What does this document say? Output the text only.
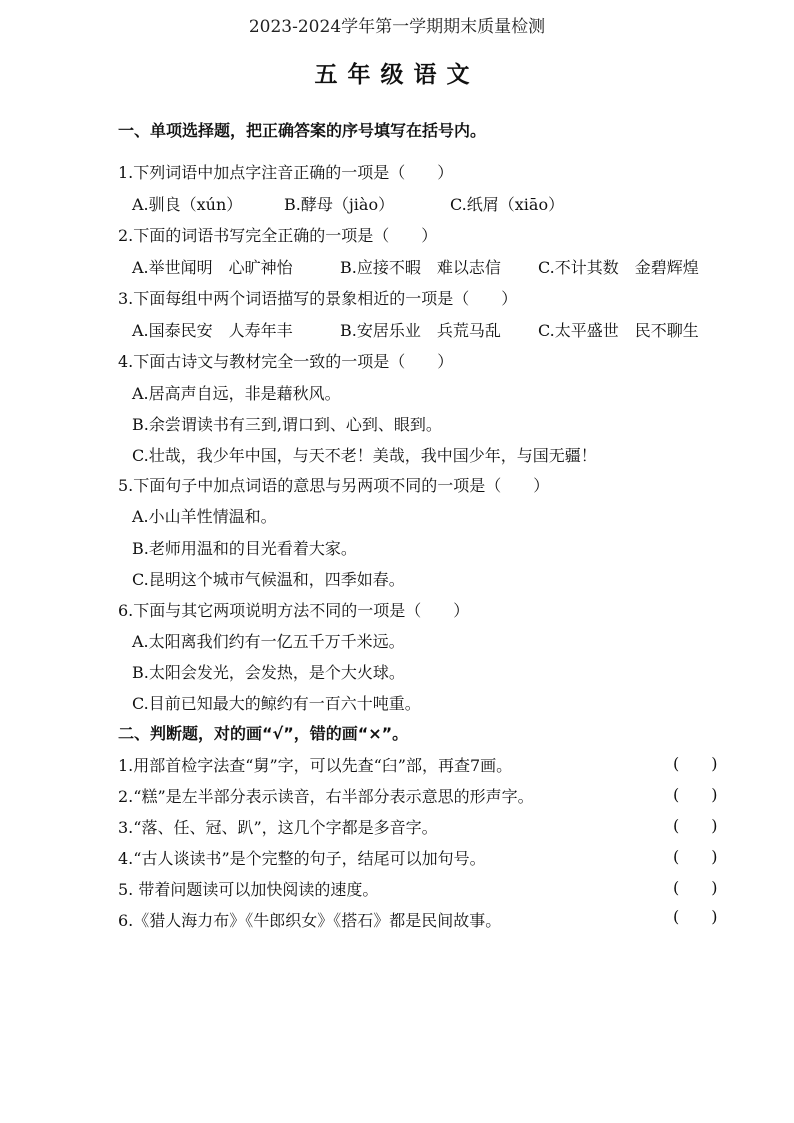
2023-2024学年第一学期期末质量检测
五年级语文
一、单项选择题，把正确答案的序号填写在括号内。
1.下列词语中加点字注音正确的一项是（　　）
A.驯良（xún）	B.酵母（jiào）	C.纸屑（xiāo）
2.下面的词语书写完全正确的一项是（　　）
A.举世闻明　心旷神怡	B.应接不暇　难以志信 C.不计其数　金碧辉煌
3.下面每组中两个词语描写的景象相近的一项是（　　）
A.国泰民安　人寿年丰	B.安居乐业　兵荒马乱 C.太平盛世　民不聊生
4.下面古诗文与教材完全一致的一项是（　　）
A.居高声自远，非是藉秋风。
B.余尝谓读书有三到,谓口到、心到、眼到。
C.壮哉，我少年中国，与天不老！美哉，我中国少年，与国无疆！
5.下面句子中加点词语的意思与另两项不同的一项是（　　）
A.小山羊性情温和。
B.老师用温和的目光看着大家。
C.昆明这个城市气候温和，四季如春。
6.下面与其它两项说明方法不同的一项是（　　）
A.太阳离我们约有一亿五千万千米远。
B.太阳会发光，会发热，是个大火球。
C.目前已知最大的鲸约有一百六十吨重。
二、判断题，对的画“√”，错的画“×”。
1.用部首检字法查“舅”字，可以先查“臼”部，再查7画。	(　　)
2.“糕”是左半部分表示读音，右半部分表示意思的形声字。	(　　)
3.“落、任、冠、趴”，这几个字都是多音字。	(　　)
4.“古人谈读书”是个完整的句子，结尾可以加句号。	(　　)
5. 带着问题读可以加快阅读的速度。	(　　)
6.《猎人海力布》《牛郎织女》《搭石》都是民间故事。	(　　)
